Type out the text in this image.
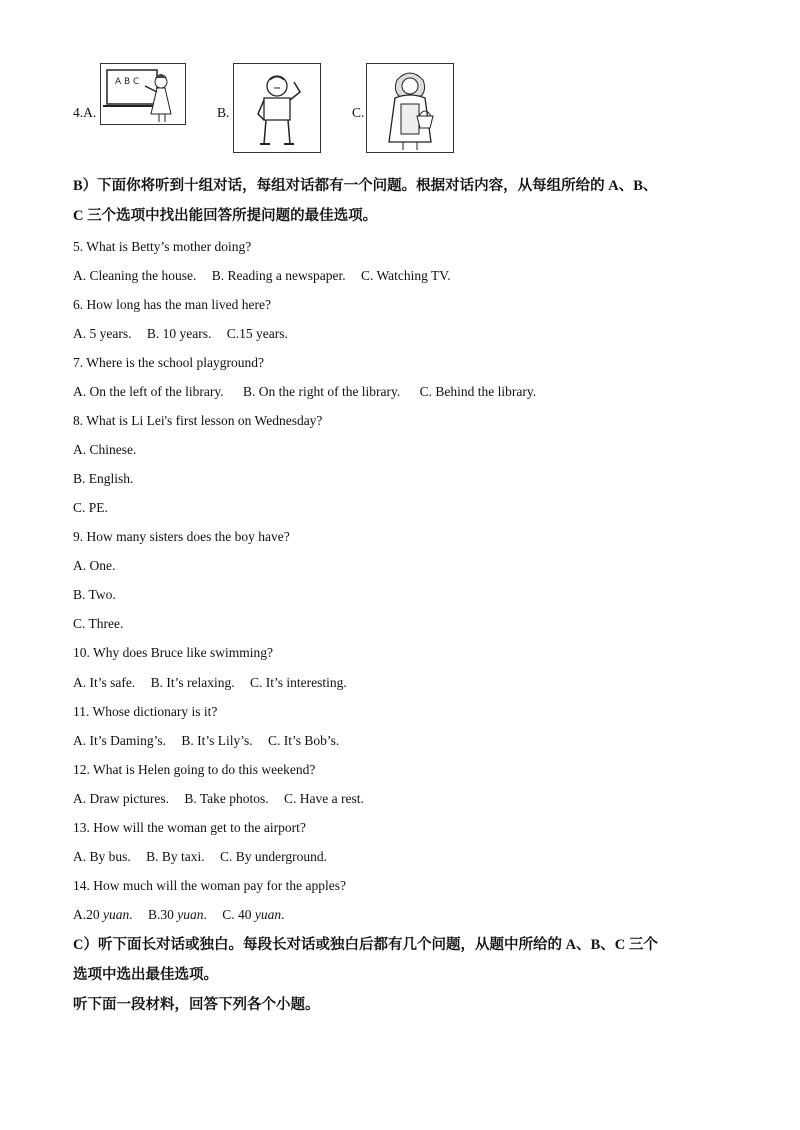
4.A.
A B C
B.	C.
B）下面你将听到十组对话，每组对话都有一个问题。根据对话内容，从每组所给的 A、B、
C 三个选项中找出能回答所提问题的最佳选项。
5. What is Betty’s mother doing?
A. Cleaning the house. B. Reading a newspaper. C. Watching TV.
6. How long has the man lived here?
A. 5 years. B. 10 years. C.15 years.
7. Where is the school playground?
A. On the left of the library. B. On the right of the library. C. Behind the library.
8. What is Li Lei's first lesson on Wednesday?
A. Chinese.
B. English.
C. PE.
9. How many sisters does the boy have?
A. One.
B. Two.
C. Three.
10. Why does Bruce like swimming?
A. It’s safe. B. It’s relaxing. C. It’s interesting.
11. Whose dictionary is it?
A. It’s Daming’s. B. It’s Lily’s. C. It’s Bob’s.
12. What is Helen going to do this weekend?
A. Draw pictures. B. Take photos. C. Have a rest.
13. How will the woman get to the airport?
A. By bus. B. By taxi. C. By underground.
14. How much will the woman pay for the apples?
A.20 yuan. B.30 yuan. C. 40 yuan.
C）听下面长对话或独白。每段长对话或独白后都有几个问题，从题中所给的 A、B、C 三个
选项中选出最佳选项。
听下面一段材料，回答下列各个小题。
